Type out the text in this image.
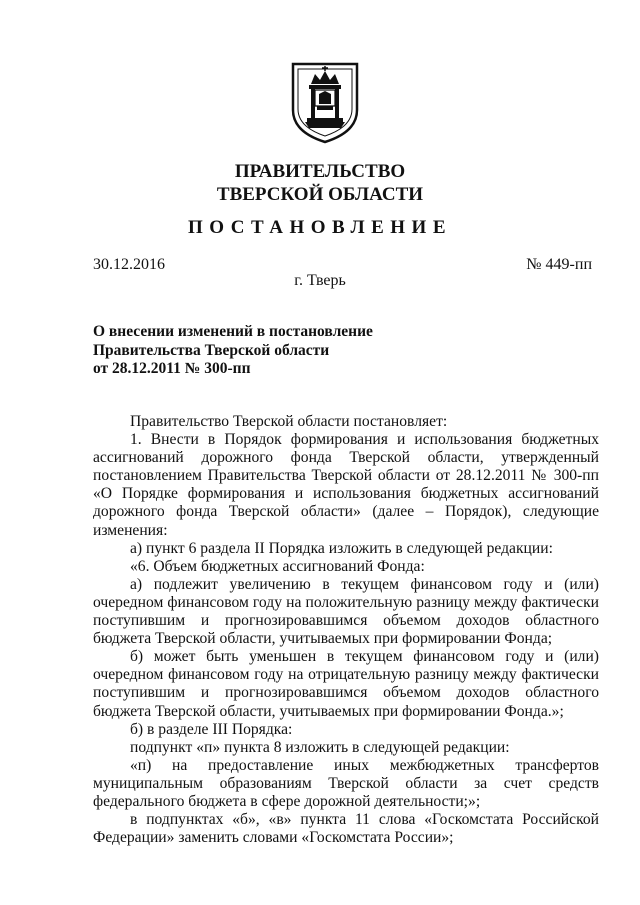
ПРАВИТЕЛЬСТВО
ТВЕРСКОЙ ОБЛАСТИ
ПОСТАНОВЛЕНИЕ
30.12.2016	№ 449-пп
г. Тверь
О внесении изменений в постановление
Правительства Тверской области
от 28.12.2011 № 300-пп

Правительство Тверской области постановляет:

1. Внести в Порядок формирования и использования бюджетных ассигнований дорожного фонда Тверской области, утвержденный постановлением Правительства Тверской области от 28.12.2011 № 300-пп «О Порядке формирования и использования бюджетных ассигнований дорожного фонда Тверской области» (далее – Порядок), следующие изменения:

а) пункт 6 раздела II Порядка изложить в следующей редакции:

«6. Объем бюджетных ассигнований Фонда:

а) подлежит увеличению в текущем финансовом году и (или) очередном финансовом году на положительную разницу между фактически поступившим и прогнозировавшимся объемом доходов областного бюджета Тверской области, учитываемых при формировании Фонда;

б) может быть уменьшен в текущем финансовом году и (или) очередном финансовом году на отрицательную разницу между фактически поступившим и прогнозировавшимся объемом доходов областного бюджета Тверской области, учитываемых при формировании Фонда.»;

б) в разделе III Порядка:

подпункт «п» пункта 8 изложить в следующей редакции:

«п) на предоставление иных межбюджетных трансфертов муниципальным образованиям Тверской области за счет средств федерального бюджета в сфере дорожной деятельности;»;

в подпунктах «б», «в» пункта 11 слова «Госкомстата Российской Федерации» заменить словами «Госкомстата России»;
